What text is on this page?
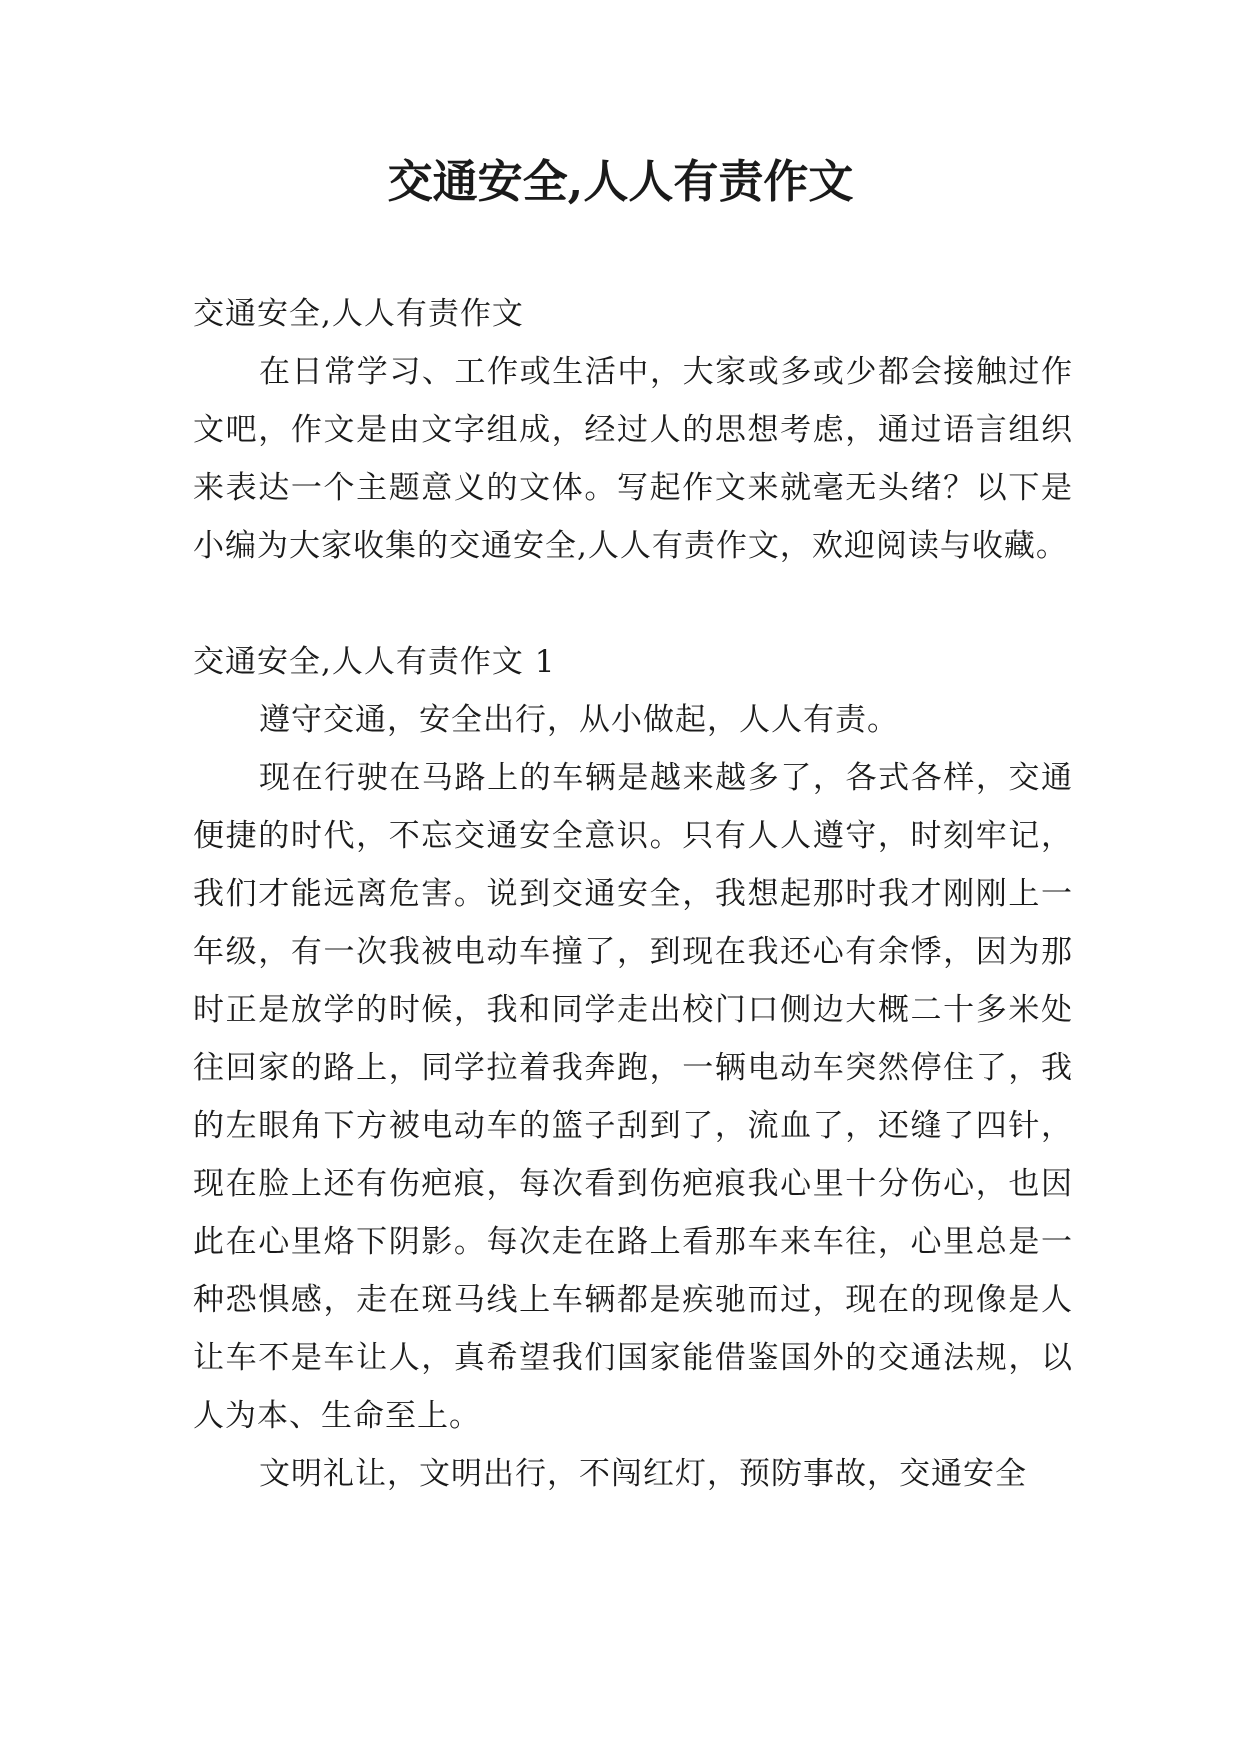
交通安全,人人有责作文

交通安全,人人有责作文

在日常学习、工作或生活中，大家或多或少都会接触过作文吧，作文是由文字组成，经过人的思想考虑，通过语言组织来表达一个主题意义的文体。写起作文来就毫无头绪？以下是小编为大家收集的交通安全,人人有责作文，欢迎阅读与收藏。

交通安全,人人有责作文 1

遵守交通，安全出行，从小做起，人人有责。

现在行驶在马路上的车辆是越来越多了，各式各样，交通便捷的时代，不忘交通安全意识。只有人人遵守，时刻牢记，我们才能远离危害。说到交通安全，我想起那时我才刚刚上一年级，有一次我被电动车撞了，到现在我还心有余悸，因为那时正是放学的时候，我和同学走出校门口侧边大概二十多米处往回家的路上，同学拉着我奔跑，一辆电动车突然停住了，我的左眼角下方被电动车的篮子刮到了，流血了，还缝了四针，现在脸上还有伤疤痕，每次看到伤疤痕我心里十分伤心，也因此在心里烙下阴影。每次走在路上看那车来车往，心里总是一种恐惧感，走在斑马线上车辆都是疾驰而过，现在的现像是人让车不是车让人，真希望我们国家能借鉴国外的交通法规，以人为本、生命至上。

文明礼让，文明出行，不闯红灯，预防事故，交通安全
